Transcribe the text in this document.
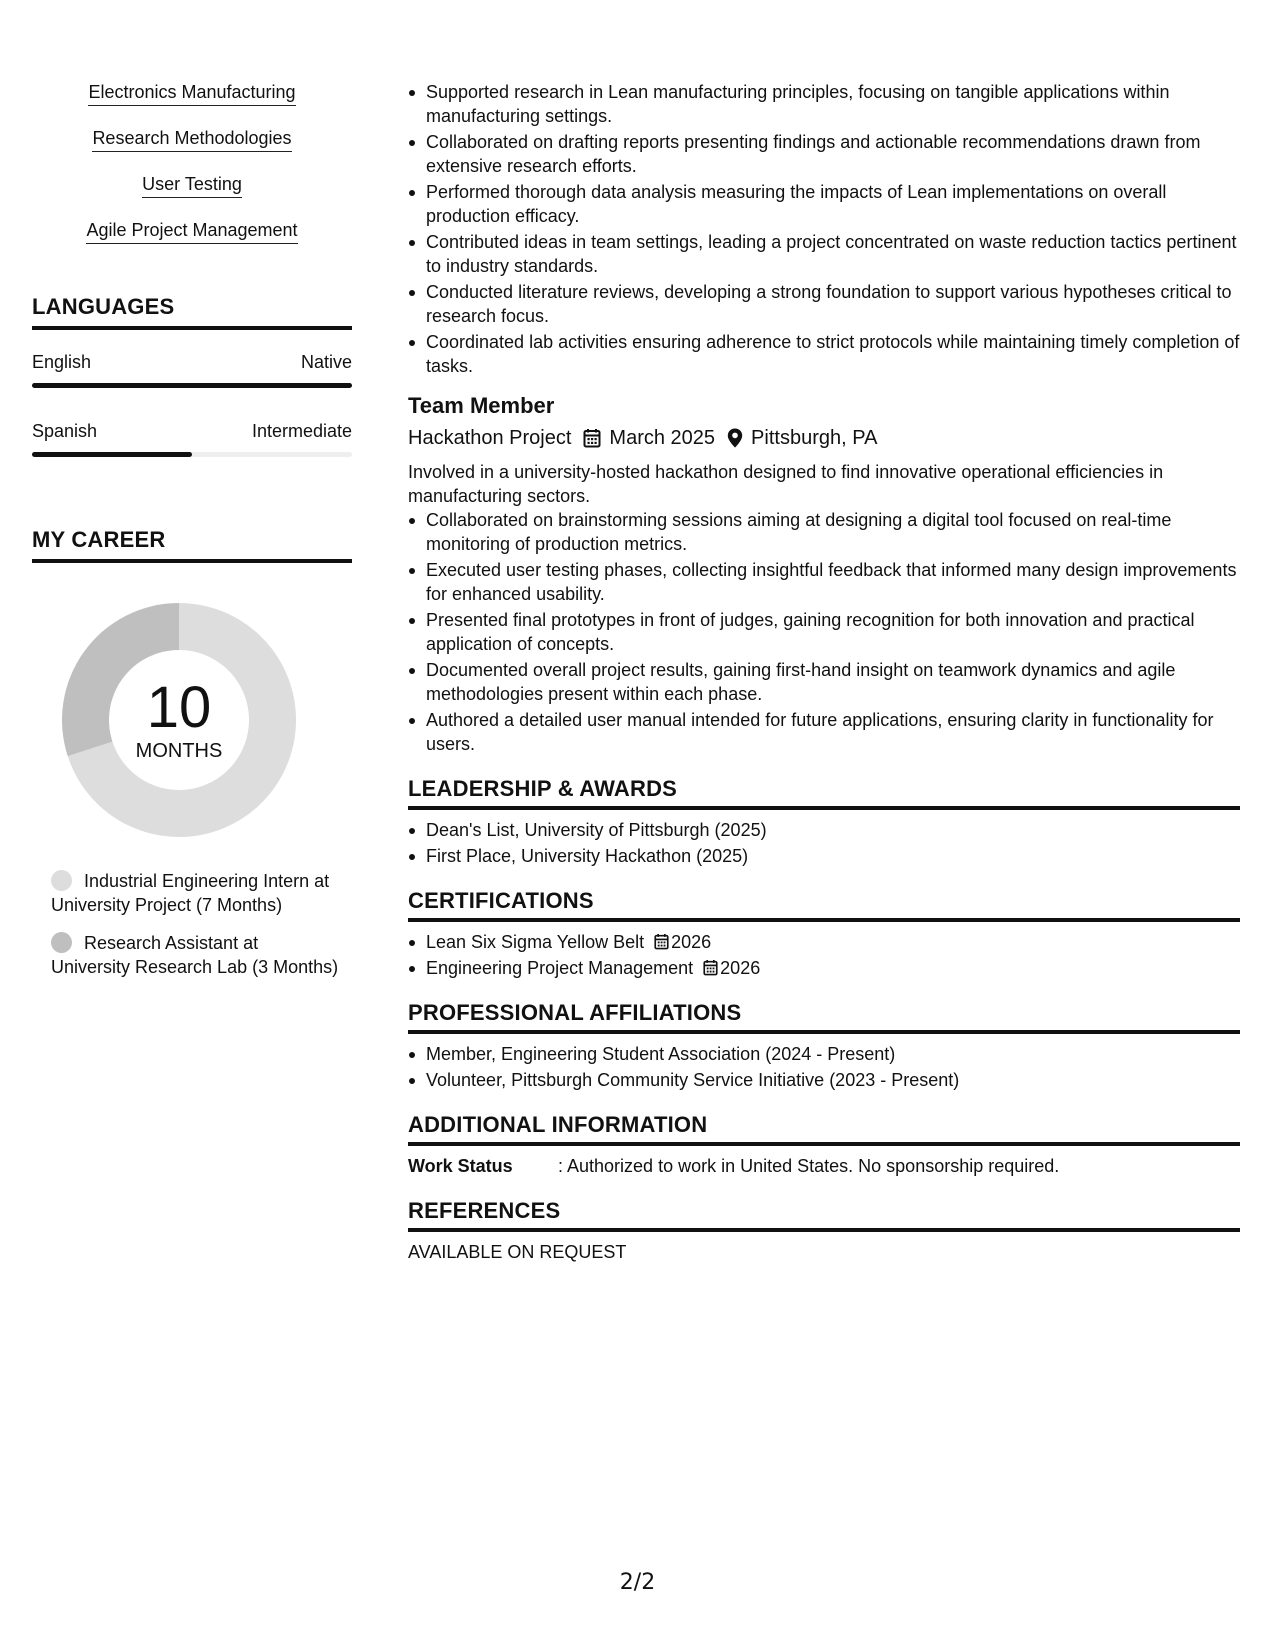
Electronics Manufacturing
Research Methodologies
User Testing
Agile Project Management
LANGUAGES
English	Native
Spanish	Intermediate
MY CAREER
10
MONTHS
Industrial Engineering Intern at University Project (7 Months)
Research Assistant at University Research Lab (3 Months)
Supported research in Lean manufacturing principles, focusing on tangible applications within manufacturing settings.
Collaborated on drafting reports presenting findings and actionable recommendations drawn from extensive research efforts.
Performed thorough data analysis measuring the impacts of Lean implementations on overall production efficacy.
Contributed ideas in team settings, leading a project concentrated on waste reduction tactics pertinent to industry standards.
Conducted literature reviews, developing a strong foundation to support various hypotheses critical to research focus.
Coordinated lab activities ensuring adherence to strict protocols while maintaining timely completion of tasks.
Team Member
Hackathon Project March 2025 Pittsburgh, PA
Involved in a university-hosted hackathon designed to find innovative operational efficiencies in manufacturing sectors.
Collaborated on brainstorming sessions aiming at designing a digital tool focused on real-time monitoring of production metrics.
Executed user testing phases, collecting insightful feedback that informed many design improvements for enhanced usability.
Presented final prototypes in front of judges, gaining recognition for both innovation and practical application of concepts.
Documented overall project results, gaining first-hand insight on teamwork dynamics and agile methodologies present within each phase.
Authored a detailed user manual intended for future applications, ensuring clarity in functionality for users.
LEADERSHIP & AWARDS
Dean's List, University of Pittsburgh (2025)
First Place, University Hackathon (2025)
CERTIFICATIONS
Lean Six Sigma Yellow Belt 2026
Engineering Project Management 2026
PROFESSIONAL AFFILIATIONS
Member, Engineering Student Association (2024 - Present)
Volunteer, Pittsburgh Community Service Initiative (2023 - Present)
ADDITIONAL INFORMATION
Work Status	: Authorized to work in United States. No sponsorship required.
REFERENCES
AVAILABLE ON REQUEST
2/2
